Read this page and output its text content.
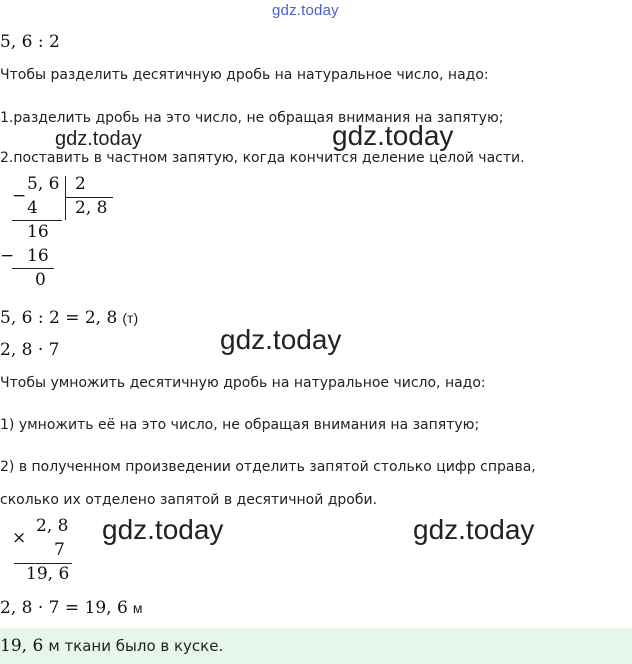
gdz.today
5, 6 : 2
Чтобы разделить десятичную дробь на натуральное число, надо:
1.разделить дробь на это число, не обращая внимания на запятую;
gdz.today	gdz.today
2.поставить в частном запятую, когда кончится деление целой части.
−
5, 6 2
4 2, 8
16
− 16
0
5, 6 : 2 = 2, 8 (т)
gdz.today
2, 8 · 7
Чтобы умножить десятичную дробь на натуральное число, надо:
1) умножить её на это число, не обращая внимания на запятую;
2) в полученном произведении отделить запятой столько цифр справа,
сколько их отделено запятой в десятичной дроби.
×
2, 8
7
19, 6
gdz.today	gdz.today
2, 8 · 7 = 19, 6 м
19, 6 м ткани было в куске.
